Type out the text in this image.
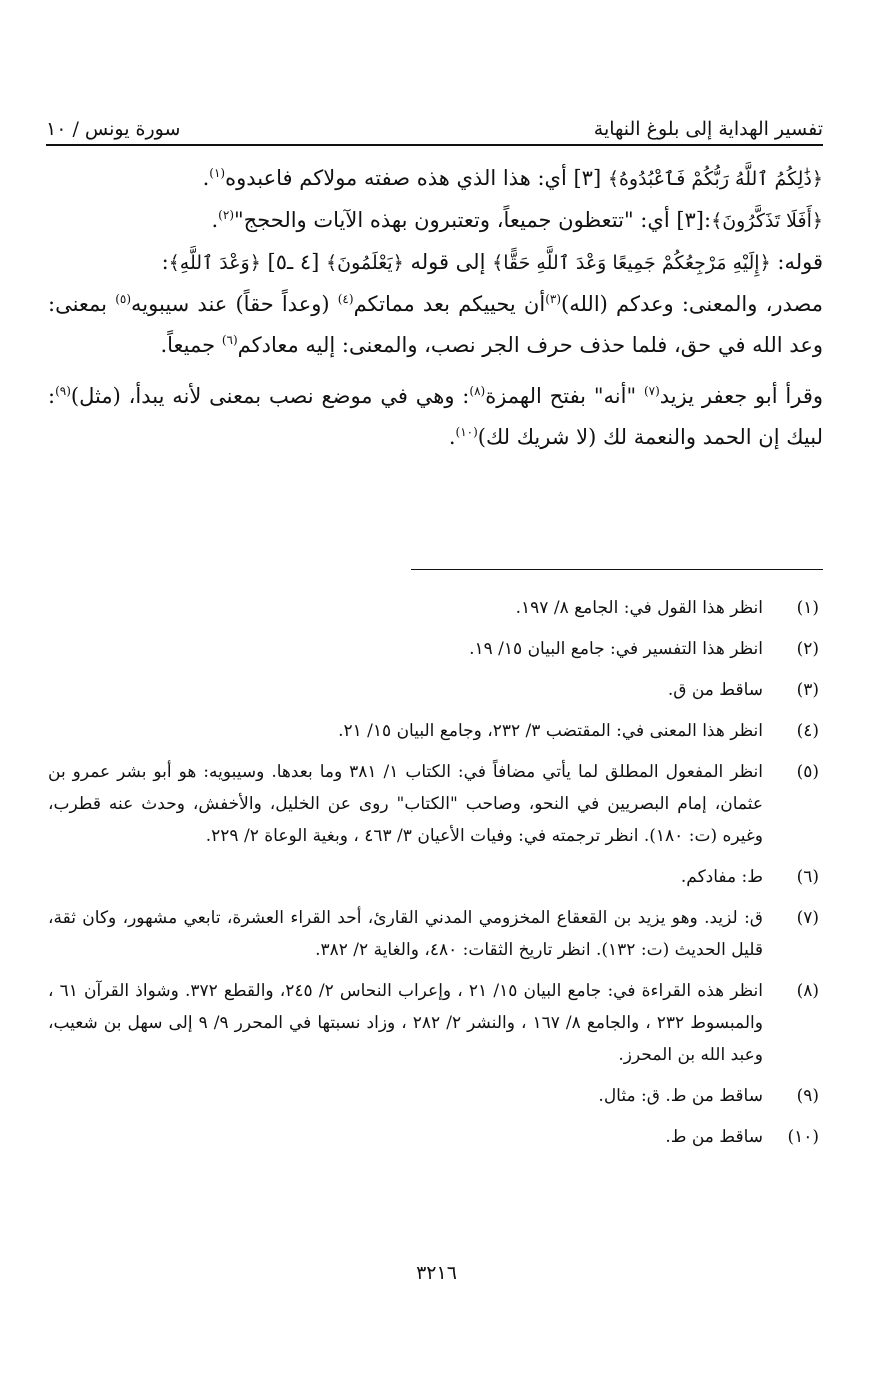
تفسير الهداية إلى بلوغ النهاية
سورة يونس / ١٠

﴿ذَٰلِكُمُ ٱللَّهُ رَبُّكُمْ فَٱعْبُدُوهُ﴾ [٣] أي: هذا الذي هذه صفته مولاكم فاعبدوه$^{(١)}$.

﴿أَفَلَا تَذَكَّرُونَ﴾:[٣] أي: "تتعظون جميعاً، وتعتبرون بهذه الآيات والحجج"$^{(٢)}$.

قوله: ﴿إِلَيْهِ مَرْجِعُكُمْ جَمِيعًا وَعْدَ ٱللَّهِ حَقًّا﴾ إلى قوله ﴿يَعْلَمُونَ﴾ [٤ ـ٥] ﴿وَعْدَ ٱللَّهِ﴾:

مصدر، والمعنى: وعدكم (الله)$^{(٣)}$أن يحييكم بعد مماتكم$^{(٤)}$ (وعداً حقاً) عند سيبويه$^{(٥)}$ بمعنى: وعد الله في حق، فلما حذف حرف الجر نصب، والمعنى: إليه معادكم$^{(٦)}$ جميعاً.

وقرأ أبو جعفر يزيد$^{(٧)}$ "أنه" بفتح الهمزة$^{(٨)}$: وهي في موضع نصب بمعنى لأنه يبدأ، (مثل)$^{(٩)}$: لبيك إن الحمد والنعمة لك (لا شريك لك)$^{(١٠)}$.

(١)
انظر هذا القول في: الجامع ٨/ ١٩٧.
(٢)
انظر هذا التفسير في: جامع البيان ١٥/ ١٩.
(٣)
ساقط من ق.
(٤)
انظر هذا المعنى في: المقتضب ٣/ ٢٣٢، وجامع البيان ١٥/ ٢١.
(٥)
انظر المفعول المطلق لما يأتي مضافاً في: الكتاب ١/ ٣٨١ وما بعدها. وسيبويه: هو أبو بشر عمرو بن عثمان، إمام البصريين في النحو، وصاحب "الكتاب" روى عن الخليل، والأخفش، وحدث عنه قطرب، وغيره (ت: ١٨٠). انظر ترجمته في: وفيات الأعيان ٣/ ٤٦٣ ، وبغية الوعاة ٢/ ٢٢٩.
(٦)
ط: مفادكم.
(٧)
ق: لزيد. وهو يزيد بن القعقاع المخزومي المدني القارئ، أحد القراء العشرة، تابعي مشهور، وكان ثقة، قليل الحديث (ت: ١٣٢). انظر تاريخ الثقات: ٤٨٠، والغاية ٢/ ٣٨٢.
(٨)
انظر هذه القراءة في: جامع البيان ١٥/ ٢١ ، وإعراب النحاس ٢/ ٢٤٥، والقطع ٣٧٢. وشواذ القرآن ٦١ ، والمبسوط ٢٣٢ ، والجامع ٨/ ١٦٧ ، والنشر ٢/ ٢٨٢ ، وزاد نسبتها في المحرر ٩/ ٩ إلى سهل بن شعيب، وعبد الله بن المحرز.
(٩)
ساقط من ط. ق: مثال.
(١٠)
ساقط من ط.
٣٢١٦
